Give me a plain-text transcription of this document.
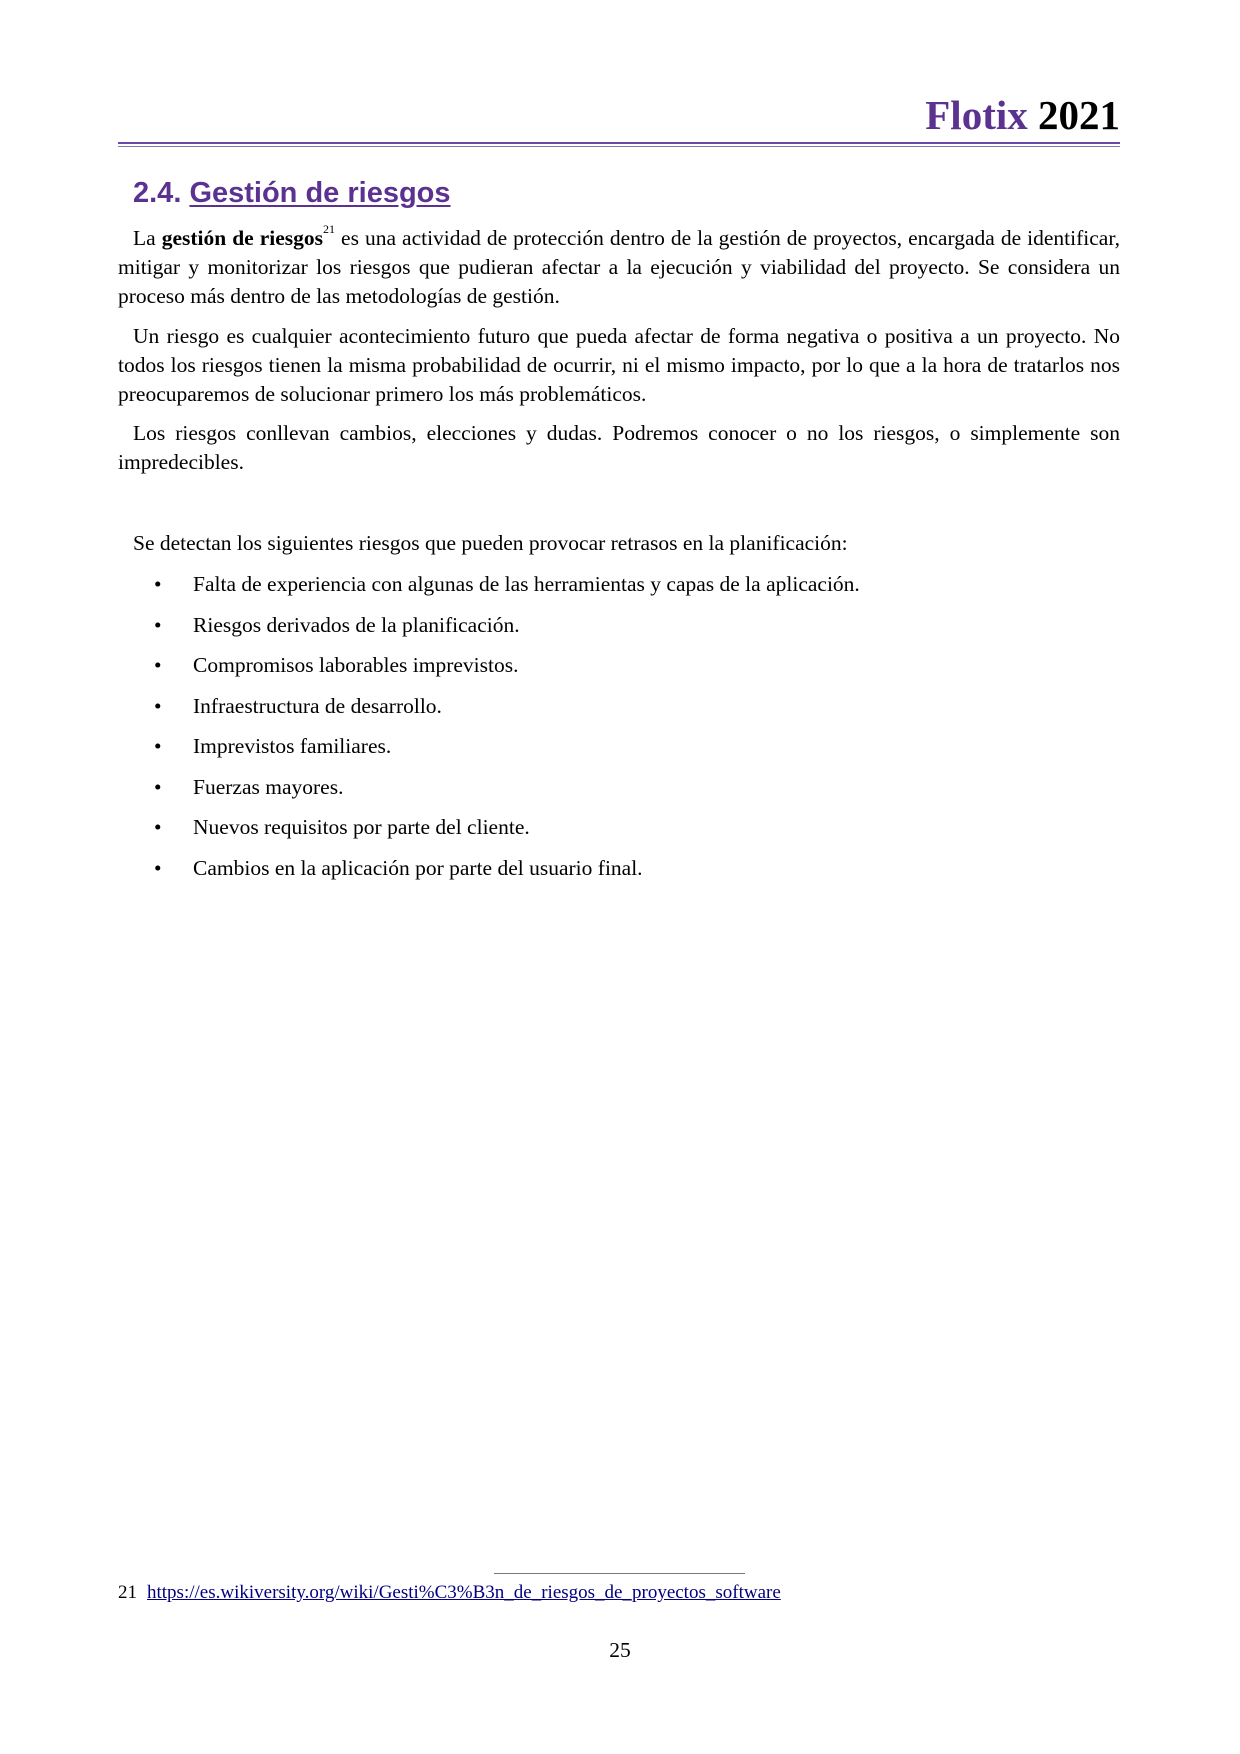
Flotix 2021
2.4. Gestión de riesgos

La gestión de riesgos$^{21}$ es una actividad de protección dentro de la gestión de proyectos, encargada de identificar, mitigar y monitorizar los riesgos que pudieran afectar a la ejecución y viabilidad del proyecto. Se considera un proceso más dentro de las metodologías de gestión.

Un riesgo es cualquier acontecimiento futuro que pueda afectar de forma negativa o positiva a un proyecto. No todos los riesgos tienen la misma probabilidad de ocurrir, ni el mismo impacto, por lo que a la hora de tratarlos nos preocuparemos de solucionar primero los más problemáticos.

Los riesgos conllevan cambios, elecciones y dudas. Podremos conocer o no los riesgos, o simplemente son impredecibles.

Se detectan los siguientes riesgos que pueden provocar retrasos en la planificación:
• Falta de experiencia con algunas de las herramientas y capas de la aplicación.
• Riesgos derivados de la planificación.
• Compromisos laborables imprevistos.
• Infraestructura de desarrollo.
• Imprevistos familiares.
• Fuerzas mayores.
• Nuevos requisitos por parte del cliente.
• Cambios en la aplicación por parte del usuario final.
21 https://es.wikiversity.org/wiki/Gesti%C3%B3n_de_riesgos_de_proyectos_software
25
